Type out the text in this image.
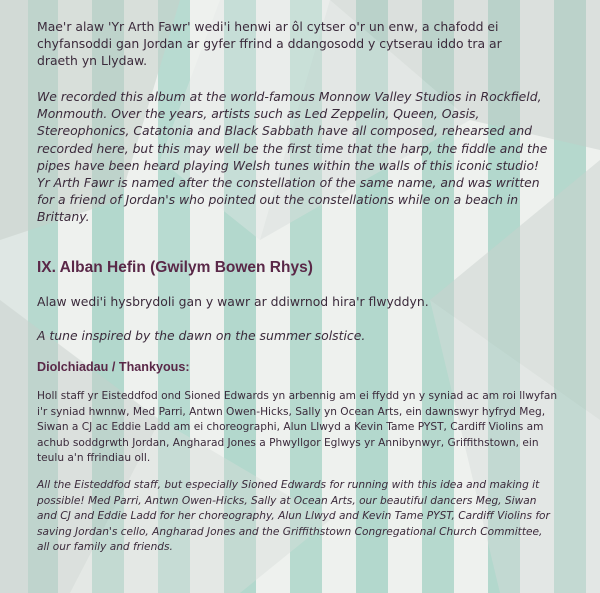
Mae'r alaw 'Yr Arth Fawr' wedi'i henwi ar ôl cytser o'r un enw, a chafodd ei chyfansoddi gan Jordan ar gyfer ffrind a ddangosodd y cytserau iddo tra ar draeth yn Llydaw.

We recorded this album at the world-famous Monnow Valley Studios in Rockfield, Monmouth. Over the years, artists such as Led Zeppelin, Queen, Oasis, Stereophonics, Catatonia and Black Sabbath have all composed, rehearsed and recorded here, but this may well be the first time that the harp, the fiddle and the pipes have been heard playing Welsh tunes within the walls of this iconic studio! Yr Arth Fawr is named after the constellation of the same name, and was written for a friend of Jordan's who pointed out the constellations while on a beach in Brittany.

IX. Alban Hefin (Gwilym Bowen Rhys)

Alaw wedi'i hysbrydoli gan y wawr ar ddiwrnod hira'r flwyddyn.

A tune inspired by the dawn on the summer solstice.

Diolchiadau / Thankyous:

Holl staff yr Eisteddfod ond Sioned Edwards yn arbennig am ei ffydd yn y syniad ac am roi llwyfan i'r syniad hwnnw, Med Parri, Antwn Owen-Hicks, Sally yn Ocean Arts, ein dawnswyr hyfryd Meg, Siwan a CJ ac Eddie Ladd am ei choreographi, Alun Llwyd a Kevin Tame PYST, Cardiff Violins am achub soddgrwth Jordan, Angharad Jones a Phwyllgor Eglwys yr Annibynwyr, Griffithstown, ein teulu a'n ffrindiau oll.

All the Eisteddfod staff, but especially Sioned Edwards for running with this idea and making it possible! Med Parri, Antwn Owen-Hicks, Sally at Ocean Arts, our beautiful dancers Meg, Siwan and CJ and Eddie Ladd for her choreography, Alun Llwyd and Kevin Tame PYST, Cardiff Violins for saving Jordan's cello, Angharad Jones and the Griffithstown Congregational Church Committee, all our family and friends.
